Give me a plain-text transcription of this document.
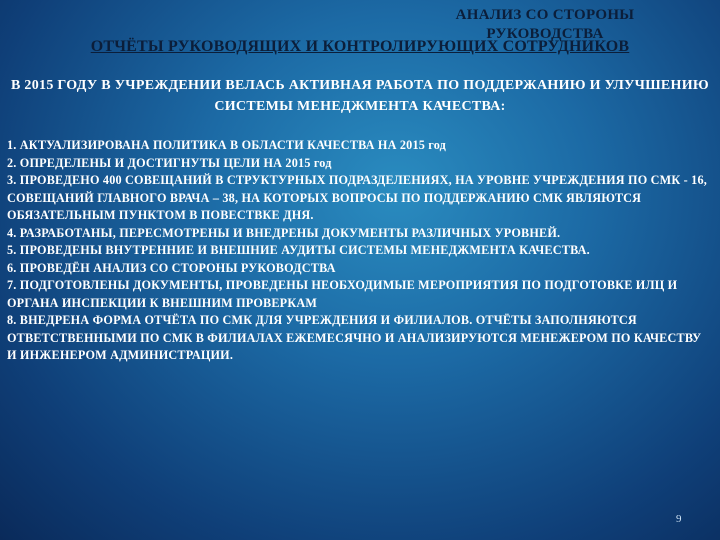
АНАЛИЗ СО СТОРОНЫ РУКОВОДСТВА
ОТЧЁТЫ РУКОВОДЯЩИХ И КОНТРОЛИРУЮЩИХ СОТРУДНИКОВ
В 2015 ГОДУ В УЧРЕЖДЕНИИ ВЕЛАСЬ АКТИВНАЯ РАБОТА ПО ПОДДЕРЖАНИЮ И УЛУЧШЕНИЮ СИСТЕМЫ МЕНЕДЖМЕНТА КАЧЕСТВА:

1. АКТУАЛИЗИРОВАНА ПОЛИТИКА В ОБЛАСТИ КАЧЕСТВА НА 2015 год

2. ОПРЕДЕЛЕНЫ И ДОСТИГНУТЫ ЦЕЛИ НА 2015 год

3. ПРОВЕДЕНО 400 СОВЕЩАНИЙ В СТРУКТУРНЫХ ПОДРАЗДЕЛЕНИЯХ, НА УРОВНЕ УЧРЕЖДЕНИЯ ПО СМК - 16, СОВЕЩАНИЙ ГЛАВНОГО ВРАЧА – 38, НА КОТОРЫХ ВОПРОСЫ ПО ПОДДЕРЖАНИЮ СМК ЯВЛЯЮТСЯ ОБЯЗАТЕЛЬНЫМ ПУНКТОМ В ПОВЕСТВКЕ ДНЯ.

4. РАЗРАБОТАНЫ, ПЕРЕСМОТРЕНЫ И ВНЕДРЕНЫ ДОКУМЕНТЫ РАЗЛИЧНЫХ УРОВНЕЙ.

5. ПРОВЕДЕНЫ ВНУТРЕННИЕ И ВНЕШНИЕ АУДИТЫ СИСТЕМЫ МЕНЕДЖМЕНТА КАЧЕСТВА.

6. ПРОВЕДЁН АНАЛИЗ СО СТОРОНЫ РУКОВОДСТВА

7. ПОДГОТОВЛЕНЫ ДОКУМЕНТЫ, ПРОВЕДЕНЫ НЕОБХОДИМЫЕ МЕРОПРИЯТИЯ ПО ПОДГОТОВКЕ ИЛЦ И ОРГАНА ИНСПЕКЦИИ К ВНЕШНИМ ПРОВЕРКАМ

8. ВНЕДРЕНА ФОРМА ОТЧЁТА ПО СМК ДЛЯ УЧРЕЖДЕНИЯ И ФИЛИАЛОВ. ОТЧЁТЫ ЗАПОЛНЯЮТСЯ ОТВЕТСТВЕННЫМИ ПО СМК В ФИЛИАЛАХ ЕЖЕМЕСЯЧНО И АНАЛИЗИРУЮТСЯ МЕНЕЖЕРОМ ПО КАЧЕСТВУ И ИНЖЕНЕРОМ АДМИНИСТРАЦИИ.

9
